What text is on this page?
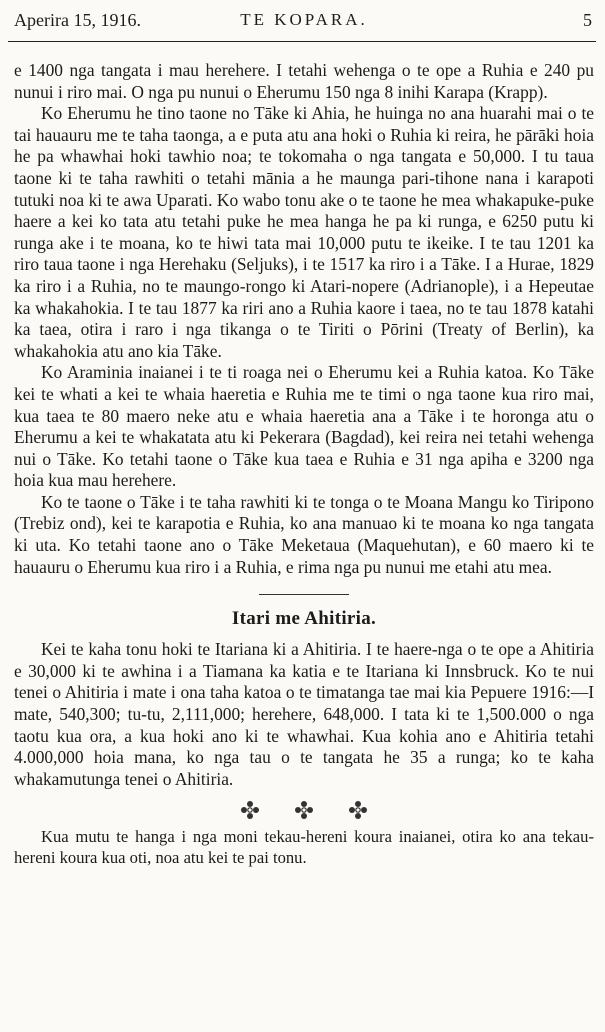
Aperira 15, 1916.	TE KOPARA.	5

e 1400 nga tangata i mau herehere. I tetahi wehenga o te ope a Ruhia e 240 pu nunui i riro mai. O nga pu nunui o Eherumu 150 nga 8 inihi Karapa (Krapp).

Ko Eherumu he tino taone no Tāke ki Ahia, he huinga no ana huarahi mai o te tai hauauru me te taha taonga, a e puta atu ana hoki o Ruhia ki reira, he pārāki hoia he pa whawhai hoki tawhio noa; te tokomaha o nga tangata e 50,000. I tu taua taone ki te taha rawhiti o tetahi mānia a he maunga pari-tihone nana i karapoti tutuki noa ki te awa Uparati. Ko wabo tonu ake o te taone he mea whakapuke-puke haere a kei ko tata atu tetahi puke he mea hanga he pa ki runga, e 6250 putu ki runga ake i te moana, ko te hiwi tata mai 10,000 putu te ikeike. I te tau 1201 ka riro taua taone i nga Herehaku (Seljuks), i te 1517 ka riro i a Tāke. I a Hurae, 1829 ka riro i a Ruhia, no te maungo-rongo ki Atari-nopere (Adrianople), i a Hepeutae ka whakahokia. I te tau 1877 ka riri ano a Ruhia kaore i taea, no te tau 1878 katahi ka taea, otira i raro i nga tikanga o te Tiriti o Pōrini (Treaty of Berlin), ka whakahokia atu ano kia Tāke.

Ko Araminia inaianei i te ti roaga nei o Eherumu kei a Ruhia katoa. Ko Tāke kei te whati a kei te whaia haeretia e Ruhia me te timi o nga taone kua riro mai, kua taea te 80 maero neke atu e whaia haeretia ana a Tāke i te horonga atu o Eherumu a kei te whakatata atu ki Pekerara (Bagdad), kei reira nei tetahi wehenga nui o Tāke. Ko tetahi taone o Tāke kua taea e Ruhia e 31 nga apiha e 3200 nga hoia kua mau herehere.

Ko te taone o Tāke i te taha rawhiti ki te tonga o te Moana Mangu ko Tiripono (Trebiz ond), kei te karapotia e Ruhia, ko ana manuao ki te moana ko nga tangata ki uta. Ko tetahi taone ano o Tāke Meketaua (Maquehutan), e 60 maero ki te hauauru o Eherumu kua riro i a Ruhia, e rima nga pu nunui me etahi atu mea.

Itari me Ahitiria.

Kei te kaha tonu hoki te Itariana ki a Ahitiria. I te haere-nga o te ope a Ahitiria e 30,000 ki te awhina i a Tiamana ka katia e te Itariana ki Innsbruck. Ko te nui tenei o Ahitiria i mate i ona taha katoa o te timatanga tae mai kia Pepuere 1916:—I mate, 540,300; tu-tu, 2,111,000; herehere, 648,000. I tata ki te 1,500.000 o nga taotu kua ora, a kua hoki ano ki te whawhai. Kua kohia ano e Ahitiria tetahi 4.000,000 hoia mana, ko nga tau o te tangata he 35 a runga; ko te kaha whakamutunga tenei o Ahitiria.

Kua mutu te hanga i nga moni tekau-hereni koura inaianei, otira ko ana tekau-hereni koura kua oti, noa atu kei te pai tonu.
